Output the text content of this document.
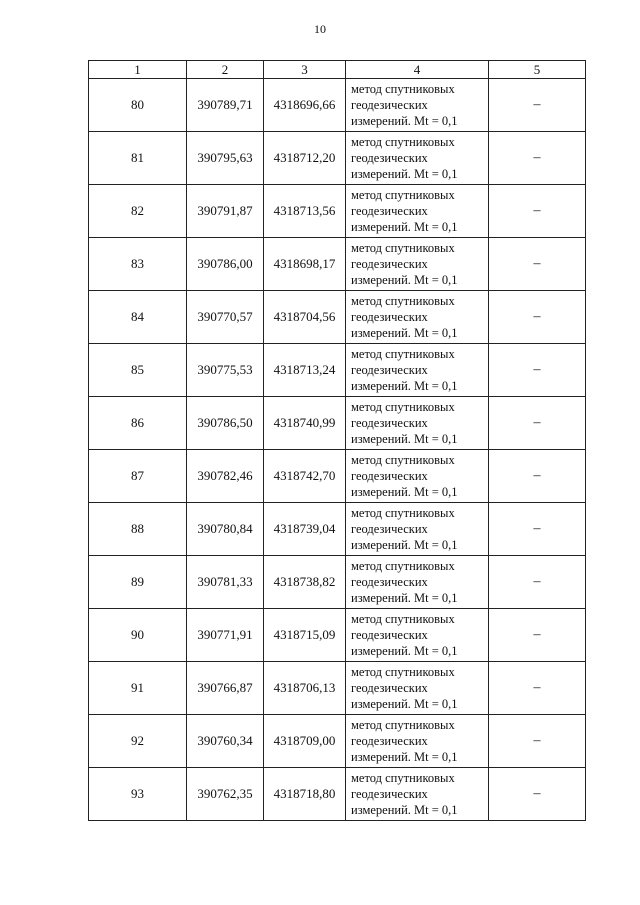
10
1	2	3	4	5
80	390789,71	4318696,66	метод спутниковых
геодезических
измерений. Mt = 0,1	–
81	390795,63	4318712,20	метод спутниковых
геодезических
измерений. Mt = 0,1	–
82	390791,87	4318713,56	метод спутниковых
геодезических
измерений. Mt = 0,1	–
83	390786,00	4318698,17	метод спутниковых
геодезических
измерений. Mt = 0,1	–
84	390770,57	4318704,56	метод спутниковых
геодезических
измерений. Mt = 0,1	–
85	390775,53	4318713,24	метод спутниковых
геодезических
измерений. Mt = 0,1	–
86	390786,50	4318740,99	метод спутниковых
геодезических
измерений. Mt = 0,1	–
87	390782,46	4318742,70	метод спутниковых
геодезических
измерений. Mt = 0,1	–
88	390780,84	4318739,04	метод спутниковых
геодезических
измерений. Mt = 0,1	–
89	390781,33	4318738,82	метод спутниковых
геодезических
измерений. Mt = 0,1	–
90	390771,91	4318715,09	метод спутниковых
геодезических
измерений. Mt = 0,1	–
91	390766,87	4318706,13	метод спутниковых
геодезических
измерений. Mt = 0,1	–
92	390760,34	4318709,00	метод спутниковых
геодезических
измерений. Mt = 0,1	–
93	390762,35	4318718,80	метод спутниковых
геодезических
измерений. Mt = 0,1	–
